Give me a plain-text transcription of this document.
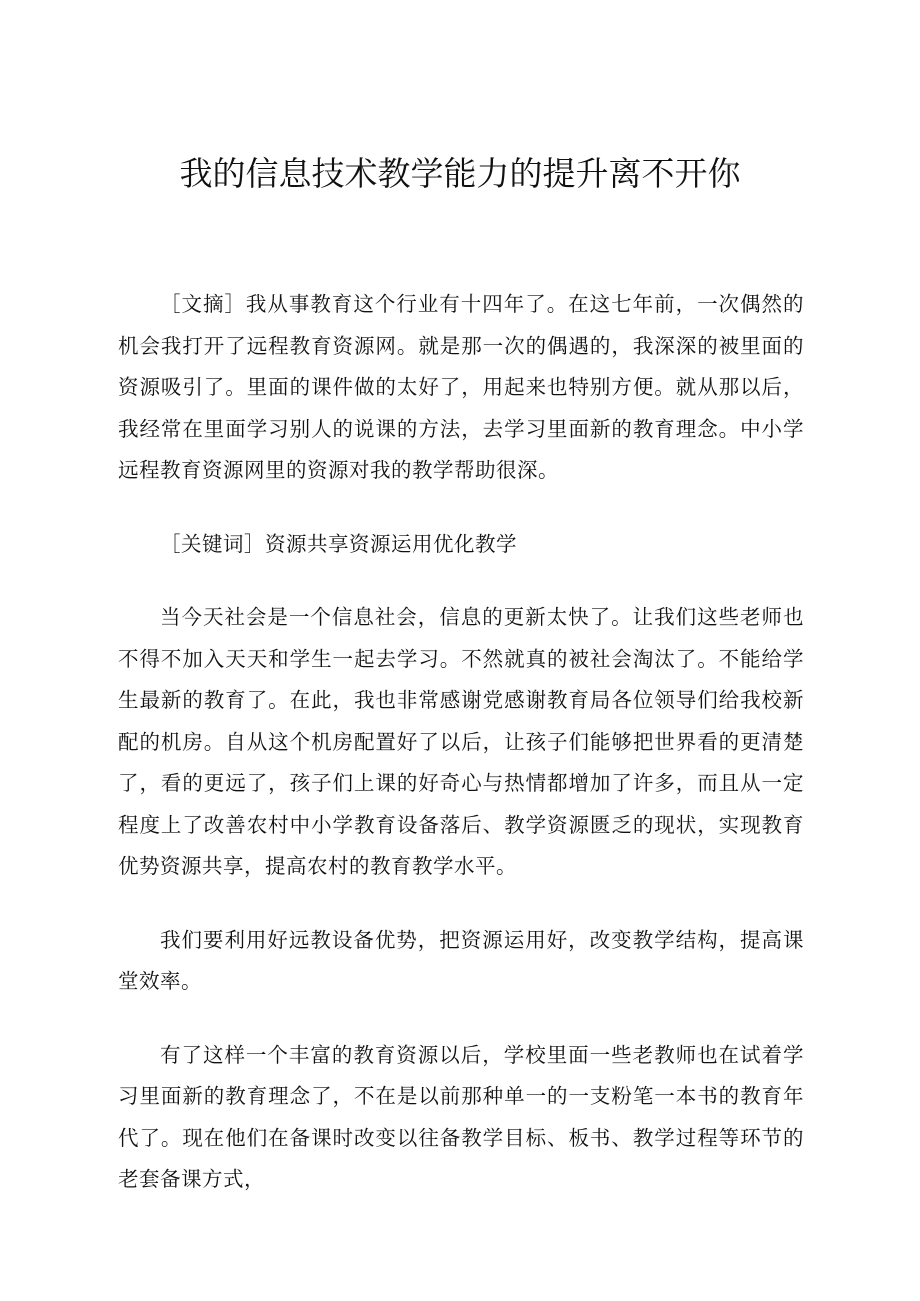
我的信息技术教学能力的提升离不开你

［文摘］我从事教育这个行业有十四年了。在这七年前，一次偶然的机会我打开了远程教育资源网。就是那一次的偶遇的，我深深的被里面的资源吸引了。里面的课件做的太好了，用起来也特别方便。就从那以后，我经常在里面学习别人的说课的方法，去学习里面新的教育理念。中小学远程教育资源网里的资源对我的教学帮助很深。

［关键词］资源共享资源运用优化教学

当今天社会是一个信息社会，信息的更新太快了。让我们这些老师也不得不加入天天和学生一起去学习。不然就真的被社会淘汰了。不能给学生最新的教育了。在此，我也非常感谢党感谢教育局各位领导们给我校新配的机房。自从这个机房配置好了以后，让孩子们能够把世界看的更清楚了，看的更远了，孩子们上课的好奇心与热情都增加了许多，而且从一定程度上了改善农村中小学教育设备落后、教学资源匮乏的现状，实现教育优势资源共享，提高农村的教育教学水平。

我们要利用好远教设备优势，把资源运用好，改变教学结构，提高课堂效率。

有了这样一个丰富的教育资源以后，学校里面一些老教师也在试着学习里面新的教育理念了，不在是以前那种单一的一支粉笔一本书的教育年代了。现在他们在备课时改变以往备教学目标、板书、教学过程等环节的老套备课方式，
